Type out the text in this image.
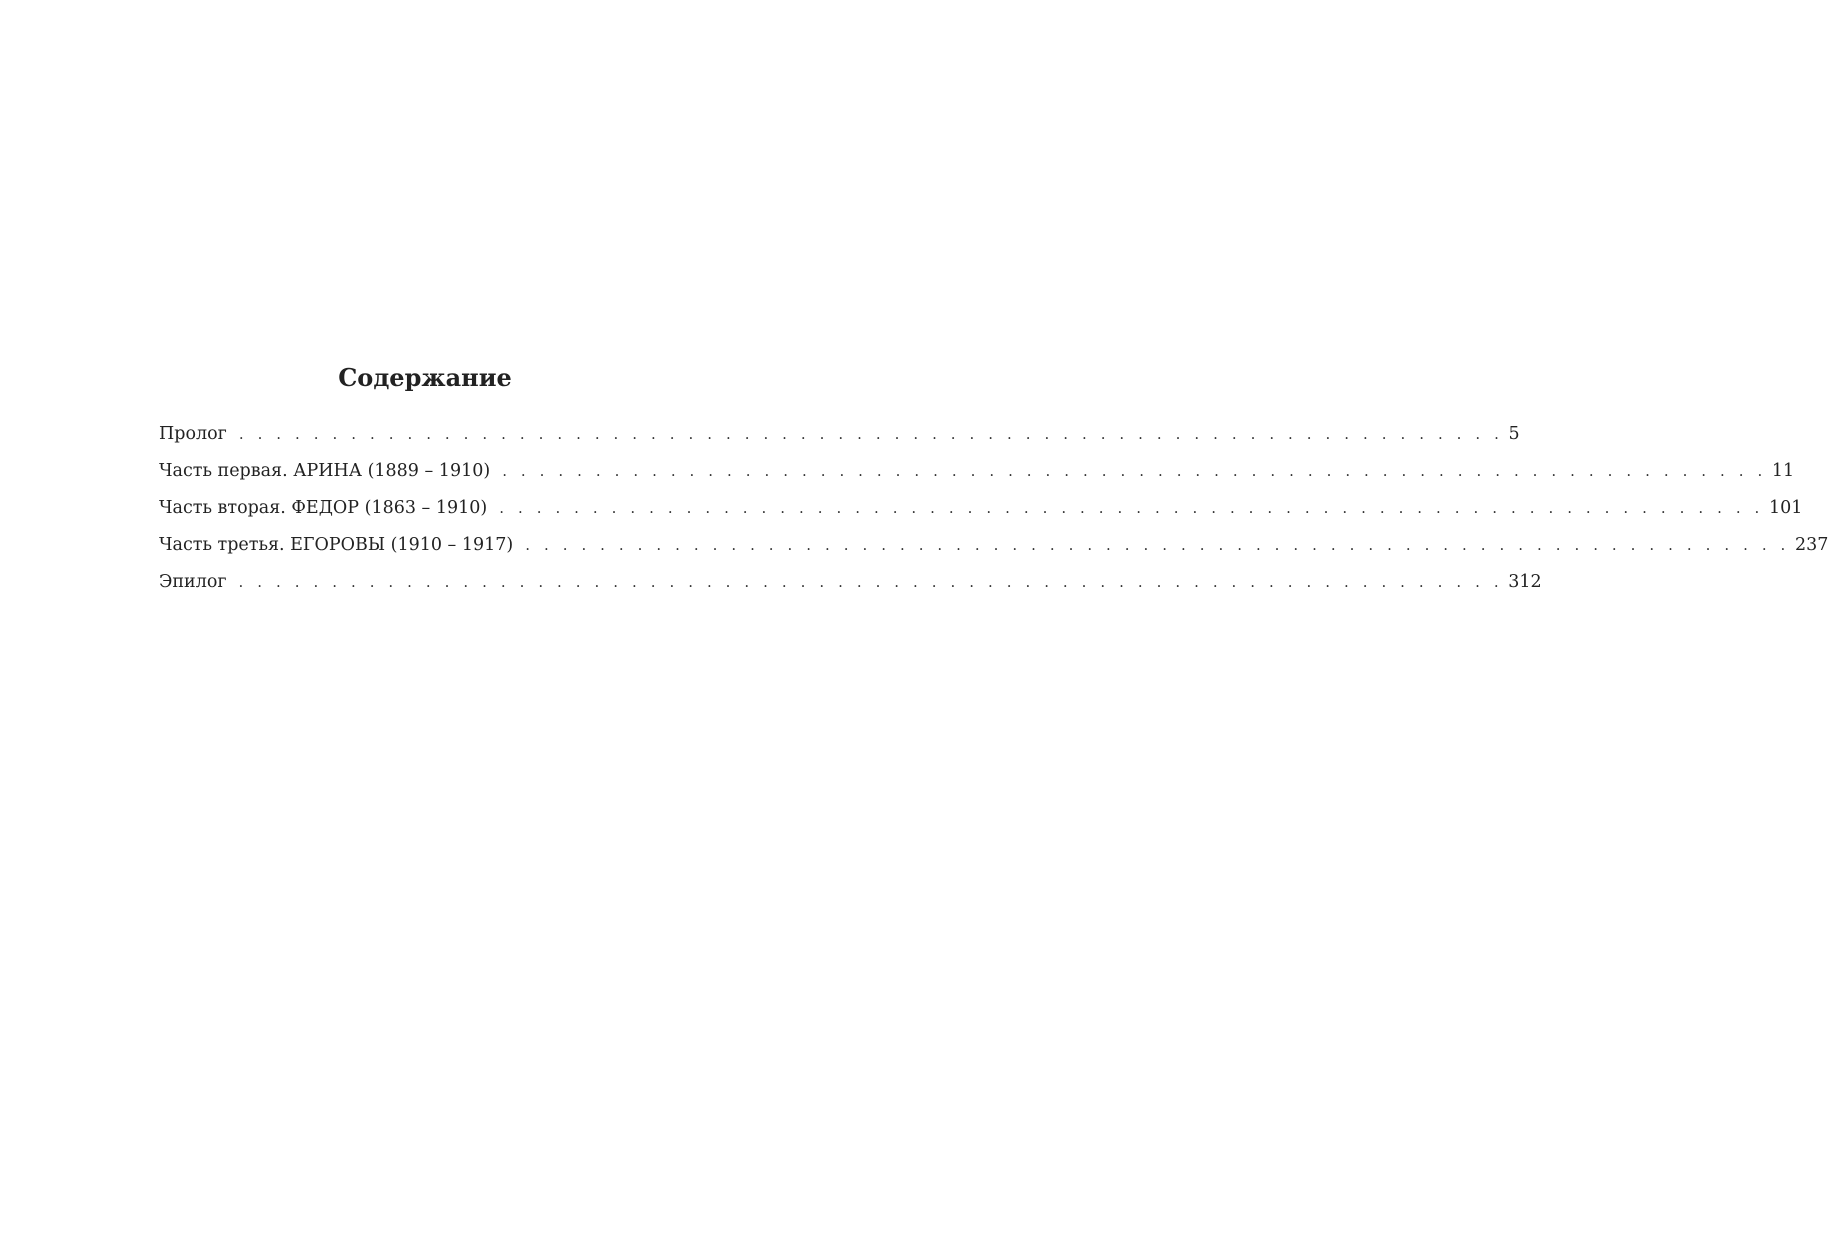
Содержание
Пролог . . . . . . . . . . . . . . . . . . . . . . . . . . . . . . . . . . . . . . . . . . . . . . . . . . . . . . . . . . . . . . . . . . . . 5
Часть первая. АРИНА (1889 – 1910) . . . . . . . . . . . . . . . . . . . . . . . . . . . . . . . . . . . . . . . . . . . . . . . . . . . . . . . . . . . . . . . . . . . . 11
Часть вторая. ФЕДОР (1863 – 1910) . . . . . . . . . . . . . . . . . . . . . . . . . . . . . . . . . . . . . . . . . . . . . . . . . . . . . . . . . . . . . . . . . . . . 101
Часть третья. ЕГОРОВЫ (1910 – 1917) . . . . . . . . . . . . . . . . . . . . . . . . . . . . . . . . . . . . . . . . . . . . . . . . . . . . . . . . . . . . . . . . . . . . 237
Эпилог . . . . . . . . . . . . . . . . . . . . . . . . . . . . . . . . . . . . . . . . . . . . . . . . . . . . . . . . . . . . . . . . . . . . 312
